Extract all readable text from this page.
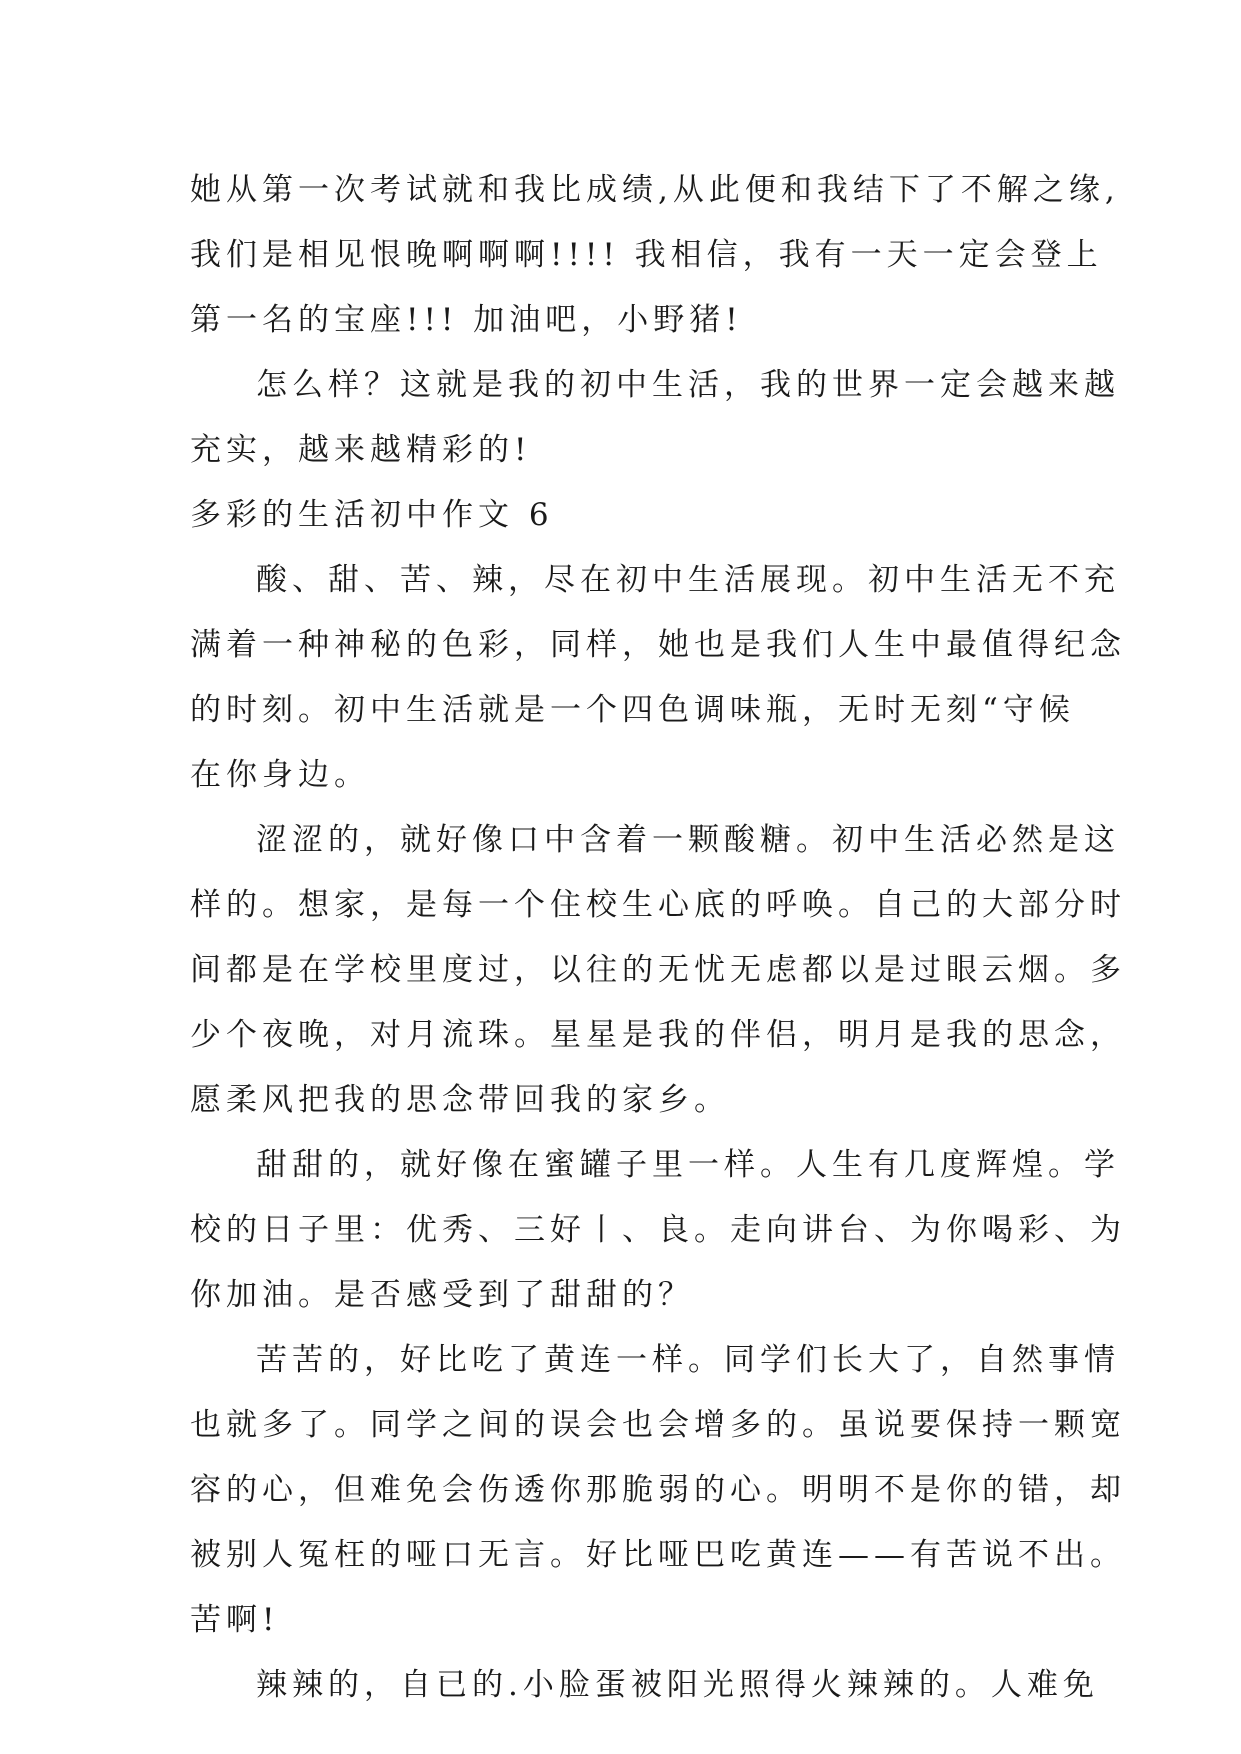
她从第一次考试就和我比成绩,从此便和我结下了不解之缘,
我们是相见恨晚啊啊啊!!!! 我相信，我有一天一定会登上
第一名的宝座!!! 加油吧，小野猪!
怎么样？这就是我的初中生活，我的世界一定会越来越
充实，越来越精彩的!
多彩的生活初中作文 6
酸、甜、苦、辣，尽在初中生活展现。初中生活无不充
满着一种神秘的色彩，同样，她也是我们人生中最值得纪念
的时刻。初中生活就是一个四色调味瓶，无时无刻“守候
在你身边。
涩涩的，就好像口中含着一颗酸糖。初中生活必然是这
样的。想家，是每一个住校生心底的呼唤。自己的大部分时
间都是在学校里度过，以往的无忧无虑都以是过眼云烟。多
少个夜晚，对月流珠。星星是我的伴侣，明月是我的思念，
愿柔风把我的思念带回我的家乡。
甜甜的，就好像在蜜罐子里一样。人生有几度辉煌。学
校的日子里：优秀、三好丨、良。走向讲台、为你喝彩、为
你加油。是否感受到了甜甜的？
苦苦的，好比吃了黄连一样。同学们长大了，自然事情
也就多了。同学之间的误会也会增多的。虽说要保持一颗宽
容的心，但难免会伤透你那脆弱的心。明明不是你的错，却
被别人冤枉的哑口无言。好比哑巴吃黄连——有苦说不出。
苦啊!
辣辣的，自已的.小脸蛋被阳光照得火辣辣的。人难免
